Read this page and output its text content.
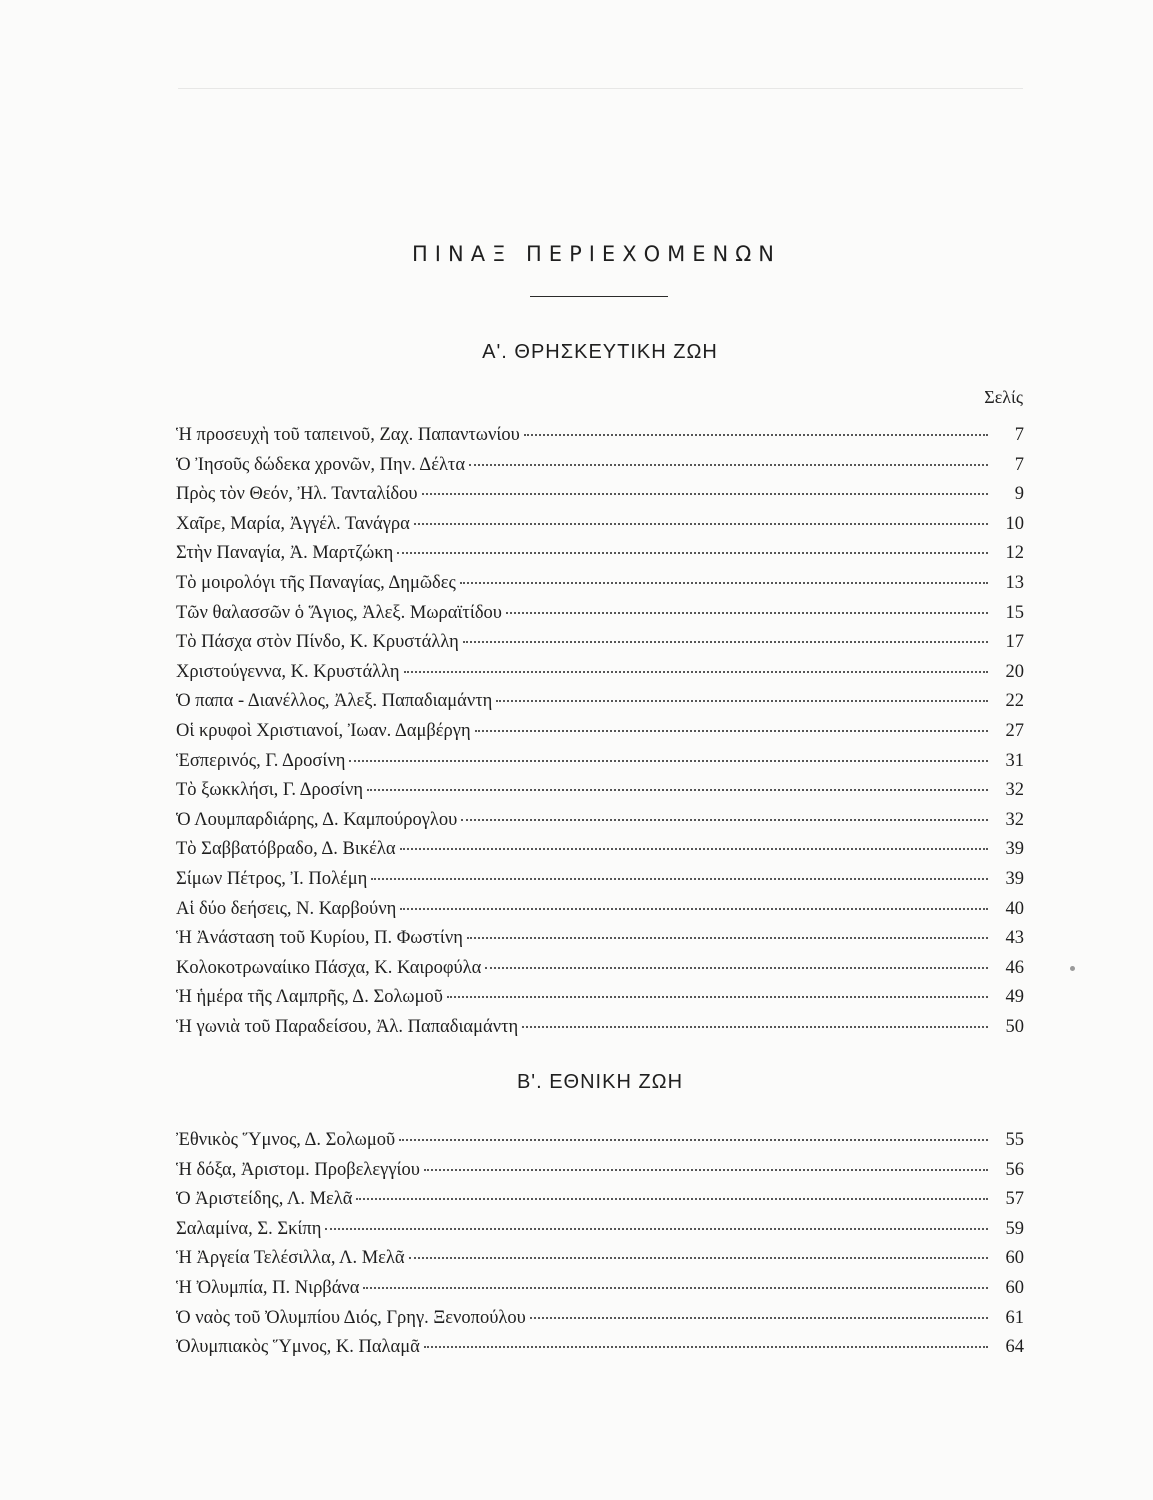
ΠΙΝΑΞ ΠΕΡΙΕΧΟΜΕΝΩΝ
Α'. ΘΡΗΣΚΕΥΤΙΚΗ ΖΩΗ
Σελίς
Ἡ προσευχὴ τοῦ ταπεινοῦ, Ζαχ. Παπαντωνίου	7
Ὁ Ἰησοῦς δώδεκα χρονῶν, Πην. Δέλτα	7
Πρὸς τὸν Θεόν, Ἠλ. Τανταλίδου	9
Χαῖρε, Μαρία, Ἀγγέλ. Τανάγρα	10
Στὴν Παναγία, Ἀ. Μαρτζώκη	12
Τὸ μοιρολόγι τῆς Παναγίας, Δημῶδες	13
Τῶν θαλασσῶν ὁ Ἅγιος, Ἀλεξ. Μωραϊτίδου	15
Τὸ Πάσχα στὸν Πίνδο, Κ. Κρυστάλλη	17
Χριστούγεννα, Κ. Κρυστάλλη	20
Ὁ παπα - Διανέλλος, Ἀλεξ. Παπαδιαμάντη	22
Οἱ κρυφοὶ Χριστιανοί, Ἰωαν. Δαμβέργη	27
Ἑσπερινός, Γ. Δροσίνη	31
Τὸ ξωκκλήσι, Γ. Δροσίνη	32
Ὁ Λουμπαρδιάρης, Δ. Καμπούρογλου	32
Τὸ Σαββατόβραδο, Δ. Βικέλα	39
Σίμων Πέτρος, Ἰ. Πολέμη	39
Αἱ δύο δεήσεις, Ν. Καρβούνη	40
Ἡ Ἀνάσταση τοῦ Κυρίου, Π. Φωστίνη	43
Κολοκοτρωναίικο Πάσχα, Κ. Καιροφύλα	46
Ἡ ἡμέρα τῆς Λαμπρῆς, Δ. Σολωμοῦ	49
Ἡ γωνιὰ τοῦ Παραδείσου, Ἀλ. Παπαδιαμάντη	50
Β'. ΕΘΝΙΚΗ ΖΩΗ
Ἐθνικὸς Ὕμνος, Δ. Σολωμοῦ	55
Ἡ δόξα, Ἀριστομ. Προβελεγγίου	56
Ὁ Ἀριστείδης, Λ. Μελᾶ	57
Σαλαμίνα, Σ. Σκίπη	59
Ἡ Ἀργεία Τελέσιλλα, Λ. Μελᾶ	60
Ἡ Ὀλυμπία, Π. Νιρβάνα	60
Ὁ ναὸς τοῦ Ὀλυμπίου Διός, Γρηγ. Ξενοπούλου	61
Ὀλυμπιακὸς Ὕμνος, Κ. Παλαμᾶ	64
